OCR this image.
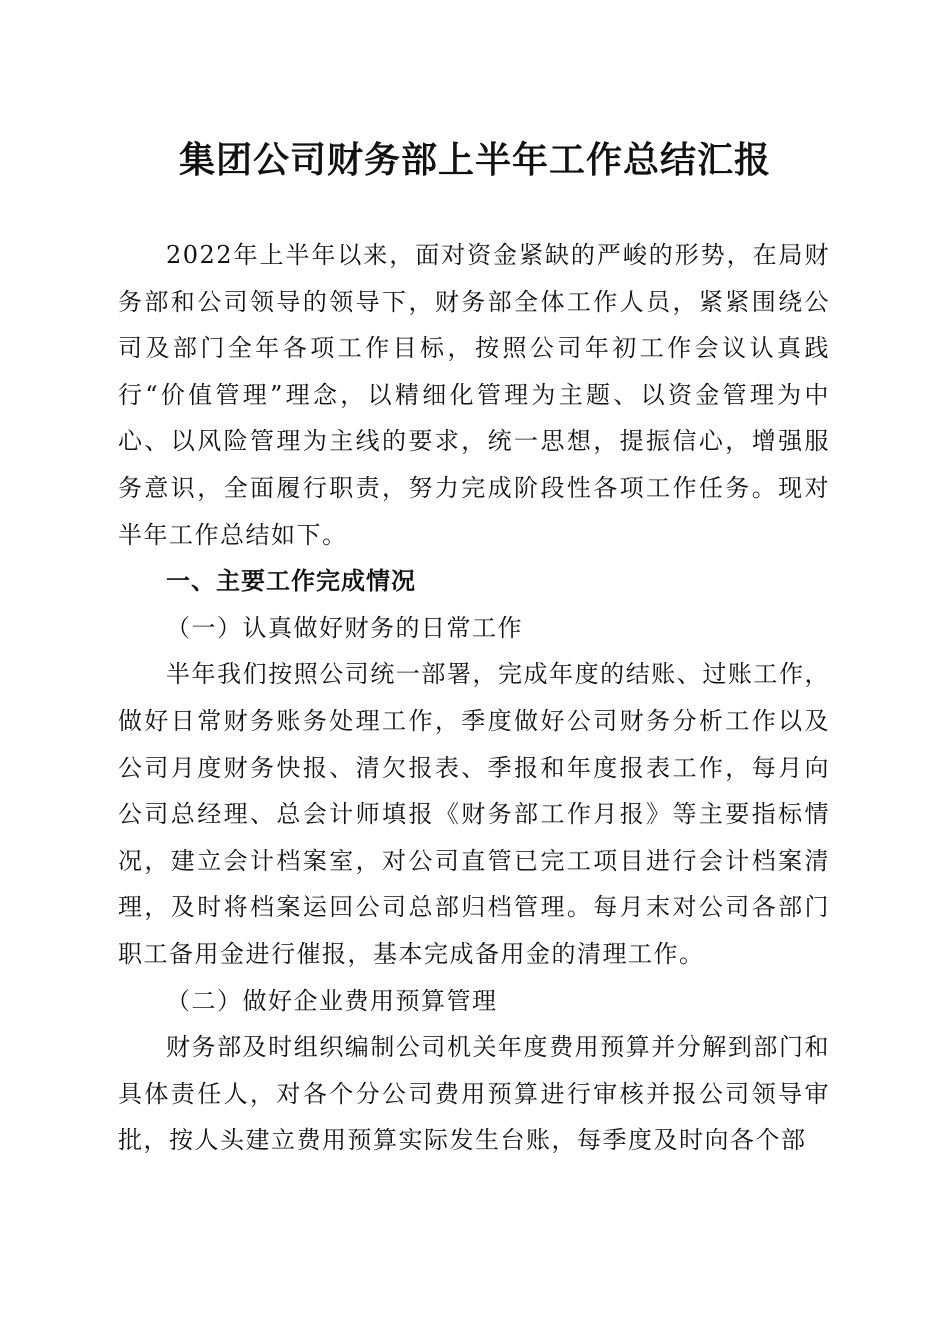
集团公司财务部上半年工作总结汇报

2022年上半年以来，面对资金紧缺的严峻的形势，在局财务部和公司领导的领导下，财务部全体工作人员，紧紧围绕公司及部门全年各项工作目标，按照公司年初工作会议认真践行“价值管理”理念，以精细化管理为主题、以资金管理为中心、以风险管理为主线的要求，统一思想，提振信心，增强服务意识，全面履行职责，努力完成阶段性各项工作任务。现对半年工作总结如下。

一、主要工作完成情况

（一）认真做好财务的日常工作

半年我们按照公司统一部署，完成年度的结账、过账工作，做好日常财务账务处理工作，季度做好公司财务分析工作以及公司月度财务快报、清欠报表、季报和年度报表工作，每月向公司总经理、总会计师填报《财务部工作月报》等主要指标情况，建立会计档案室，对公司直管已完工项目进行会计档案清理，及时将档案运回公司总部归档管理。每月末对公司各部门职工备用金进行催报，基本完成备用金的清理工作。

（二）做好企业费用预算管理

财务部及时组织编制公司机关年度费用预算并分解到部门和具体责任人，对各个分公司费用预算进行审核并报公司领导审批，按人头建立费用预算实际发生台账，每季度及时向各个部
